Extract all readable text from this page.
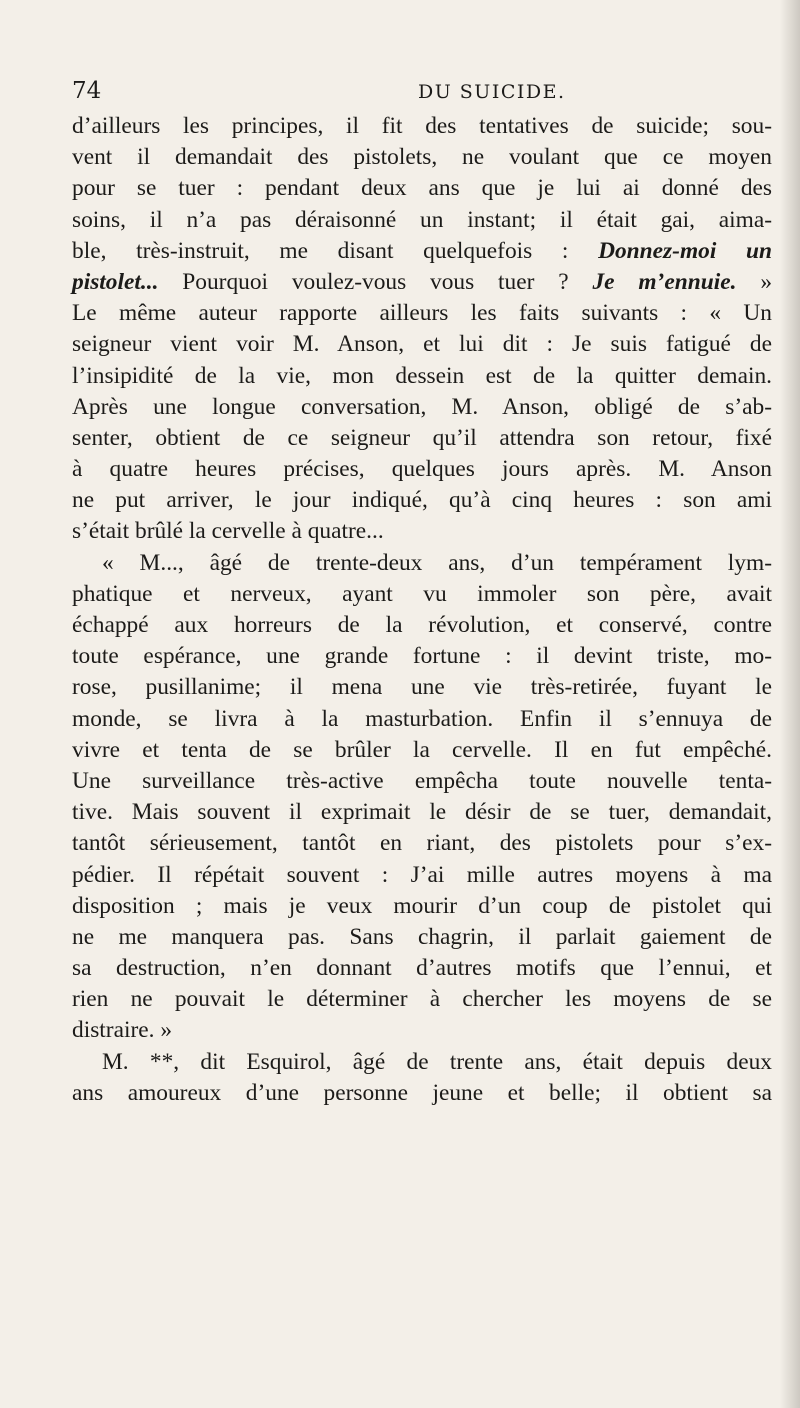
74	DU SUICIDE.
d’ailleurs les principes, il fit des tentatives de suicide; sou-
vent il demandait des pistolets, ne voulant que ce moyen
pour se tuer : pendant deux ans que je lui ai donné des
soins, il n’a pas déraisonné un instant; il était gai, aima-
ble, très-instruit, me disant quelquefois : Donnez-moi un
pistolet... Pourquoi voulez-vous vous tuer ? Je m’ennuie. »
Le même auteur rapporte ailleurs les faits suivants : « Un
seigneur vient voir M. Anson, et lui dit : Je suis fatigué de
l’insipidité de la vie, mon dessein est de la quitter demain.
Après une longue conversation, M. Anson, obligé de s’ab-
senter, obtient de ce seigneur qu’il attendra son retour, fixé
à quatre heures précises, quelques jours après. M. Anson
ne put arriver, le jour indiqué, qu’à cinq heures : son ami
s’était brûlé la cervelle à quatre...
« M..., âgé de trente-deux ans, d’un tempérament lym-
phatique et nerveux, ayant vu immoler son père, avait
échappé aux horreurs de la révolution, et conservé, contre
toute espérance, une grande fortune : il devint triste, mo-
rose, pusillanime; il mena une vie très-retirée, fuyant le
monde, se livra à la masturbation. Enfin il s’ennuya de
vivre et tenta de se brûler la cervelle. Il en fut empêché.
Une surveillance très-active empêcha toute nouvelle tenta-
tive. Mais souvent il exprimait le désir de se tuer, demandait,
tantôt sérieusement, tantôt en riant, des pistolets pour s’ex-
pédier. Il répétait souvent : J’ai mille autres moyens à ma
disposition ; mais je veux mourir d’un coup de pistolet qui
ne me manquera pas. Sans chagrin, il parlait gaiement de
sa destruction, n’en donnant d’autres motifs que l’ennui, et
rien ne pouvait le déterminer à chercher les moyens de se
distraire. »
M. **, dit Esquirol, âgé de trente ans, était depuis deux
ans amoureux d’une personne jeune et belle; il obtient sa
